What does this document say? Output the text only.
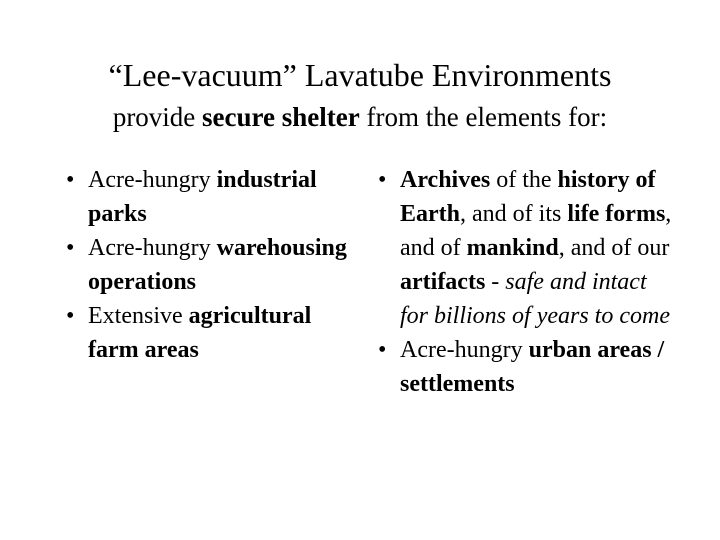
“Lee-vacuum” Lavatube Environments
provide secure shelter from the elements for:
• Acre-hungry industrial parks
• Acre-hungry warehousing operations
• Extensive agricultural farm areas
• Archives of the history of Earth, and of its life forms, and of mankind, and of our artifacts - safe and intact for billions of years to come
• Acre-hungry urban areas / settlements
